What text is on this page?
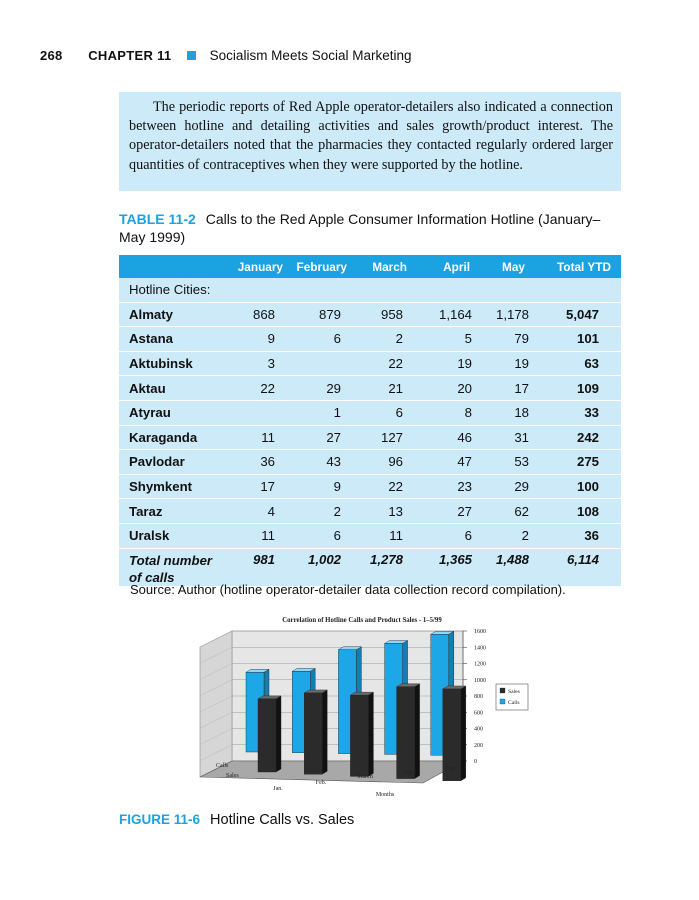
268 CHAPTER 11	Socialism Meets Social Marketing

The periodic reports of Red Apple operator-detailers also indicated a connection between hotline and detailing activities and sales growth/product interest. The operator-detailers noted that the pharmacies they contacted regularly ordered larger quantities of contraceptives when they were supported by the hotline.

TABLE 11-2 Calls to the Red Apple Consumer Information Hotline (January–May 1999)
	January	February	March	April	May	Total YTD
Hotline Cities:						
Almaty	868	879	958	1,164	1,178	5,047
Astana	9	6	2	5	79	101
Aktubinsk	3		22	19	19	63
Aktau	22	29	21	20	17	109
Atyrau		1	6	8	18	33
Karaganda	11	27	127	46	31	242
Pavlodar	36	43	96	47	53	275
Shymkent	17	9	22	23	29	100
Taraz	4	2	13	27	62	108
Uralsk	11	6	11	6	2	36
Total number
of calls	981	1,002	1,278	1,365	1,488	6,114
Source: Author (hotline operator-detailer data collection record compilation).
Correlation of Hotline Calls and Product Sales - 1–5/99
0
200
400
600
800
1000
1200
1400
1600
Jan.
Feb.
March
April
May
Calls
Sales
Months
Sales
Calls
FIGURE 11-6 Hotline Calls vs. Sales
